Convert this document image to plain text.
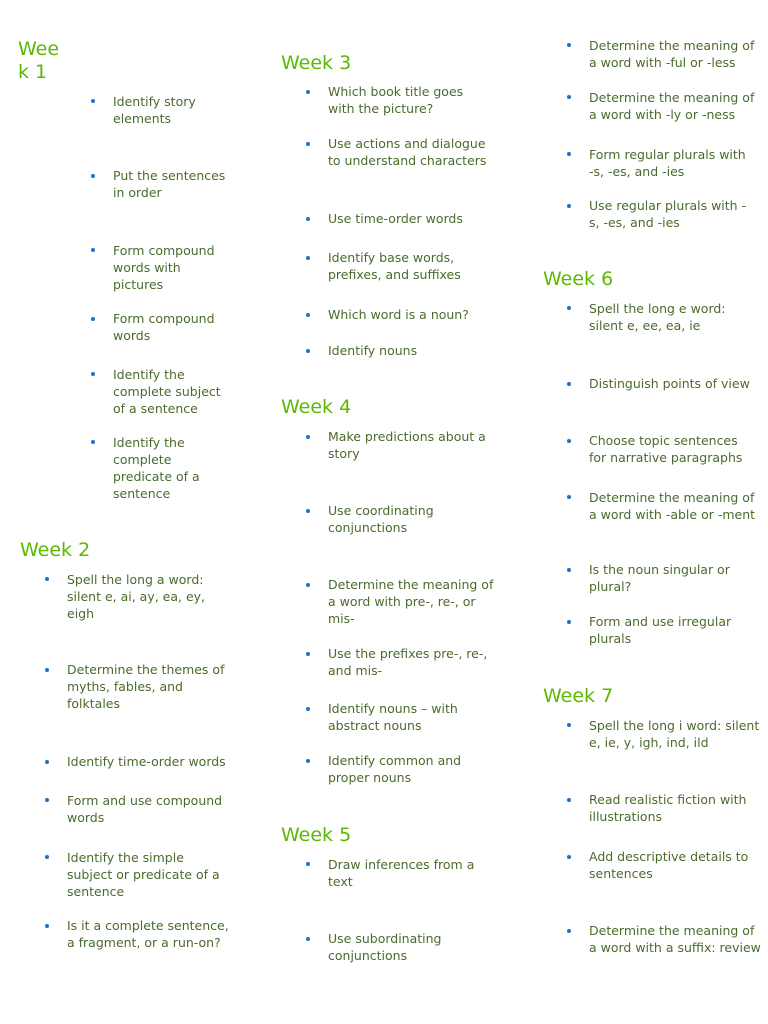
Wee
k 1
Identify story elements
Put the sentences in order
Form compound words with pictures
Form compound words
Identify the complete subject of a sentence
Identify the complete predicate of a sentence
Week 2
Spell the long a word: silent e, ai, ay, ea, ey, eigh
Determine the themes of myths, fables, and folktales
Identify time-order words
Form and use compound words
Identify the simple subject or predicate of a sentence
Is it a complete sentence, a fragment, or a run-on?
Week 3
Which book title goes with the picture?
Use actions and dialogue to understand characters
Use time-order words
Identify base words, prefixes, and suffixes
Which word is a noun?
Identify nouns
Week 4
Make predictions about a story
Use coordinating conjunctions
Determine the meaning of a word with pre-, re-, or mis-
Use the prefixes pre-, re-, and mis-
Identify nouns – with abstract nouns
Identify common and proper nouns
Week 5
Draw inferences from a text
Use subordinating conjunctions
Determine the meaning of a word with -ful or -less
Determine the meaning of a word with -ly or -ness
Form regular plurals with -s, -es, and -ies
Use regular plurals with -s, -es, and -ies
Week 6
Spell the long e word: silent e, ee, ea, ie
Distinguish points of view
Choose topic sentences for narrative paragraphs
Determine the meaning of a word with -able or -ment
Is the noun singular or plural?
Form and use irregular plurals
Week 7
Spell the long i word: silent e, ie, y, igh, ind, ild
Read realistic fiction with illustrations
Add descriptive details to sentences
Determine the meaning of a word with a suffix: review
